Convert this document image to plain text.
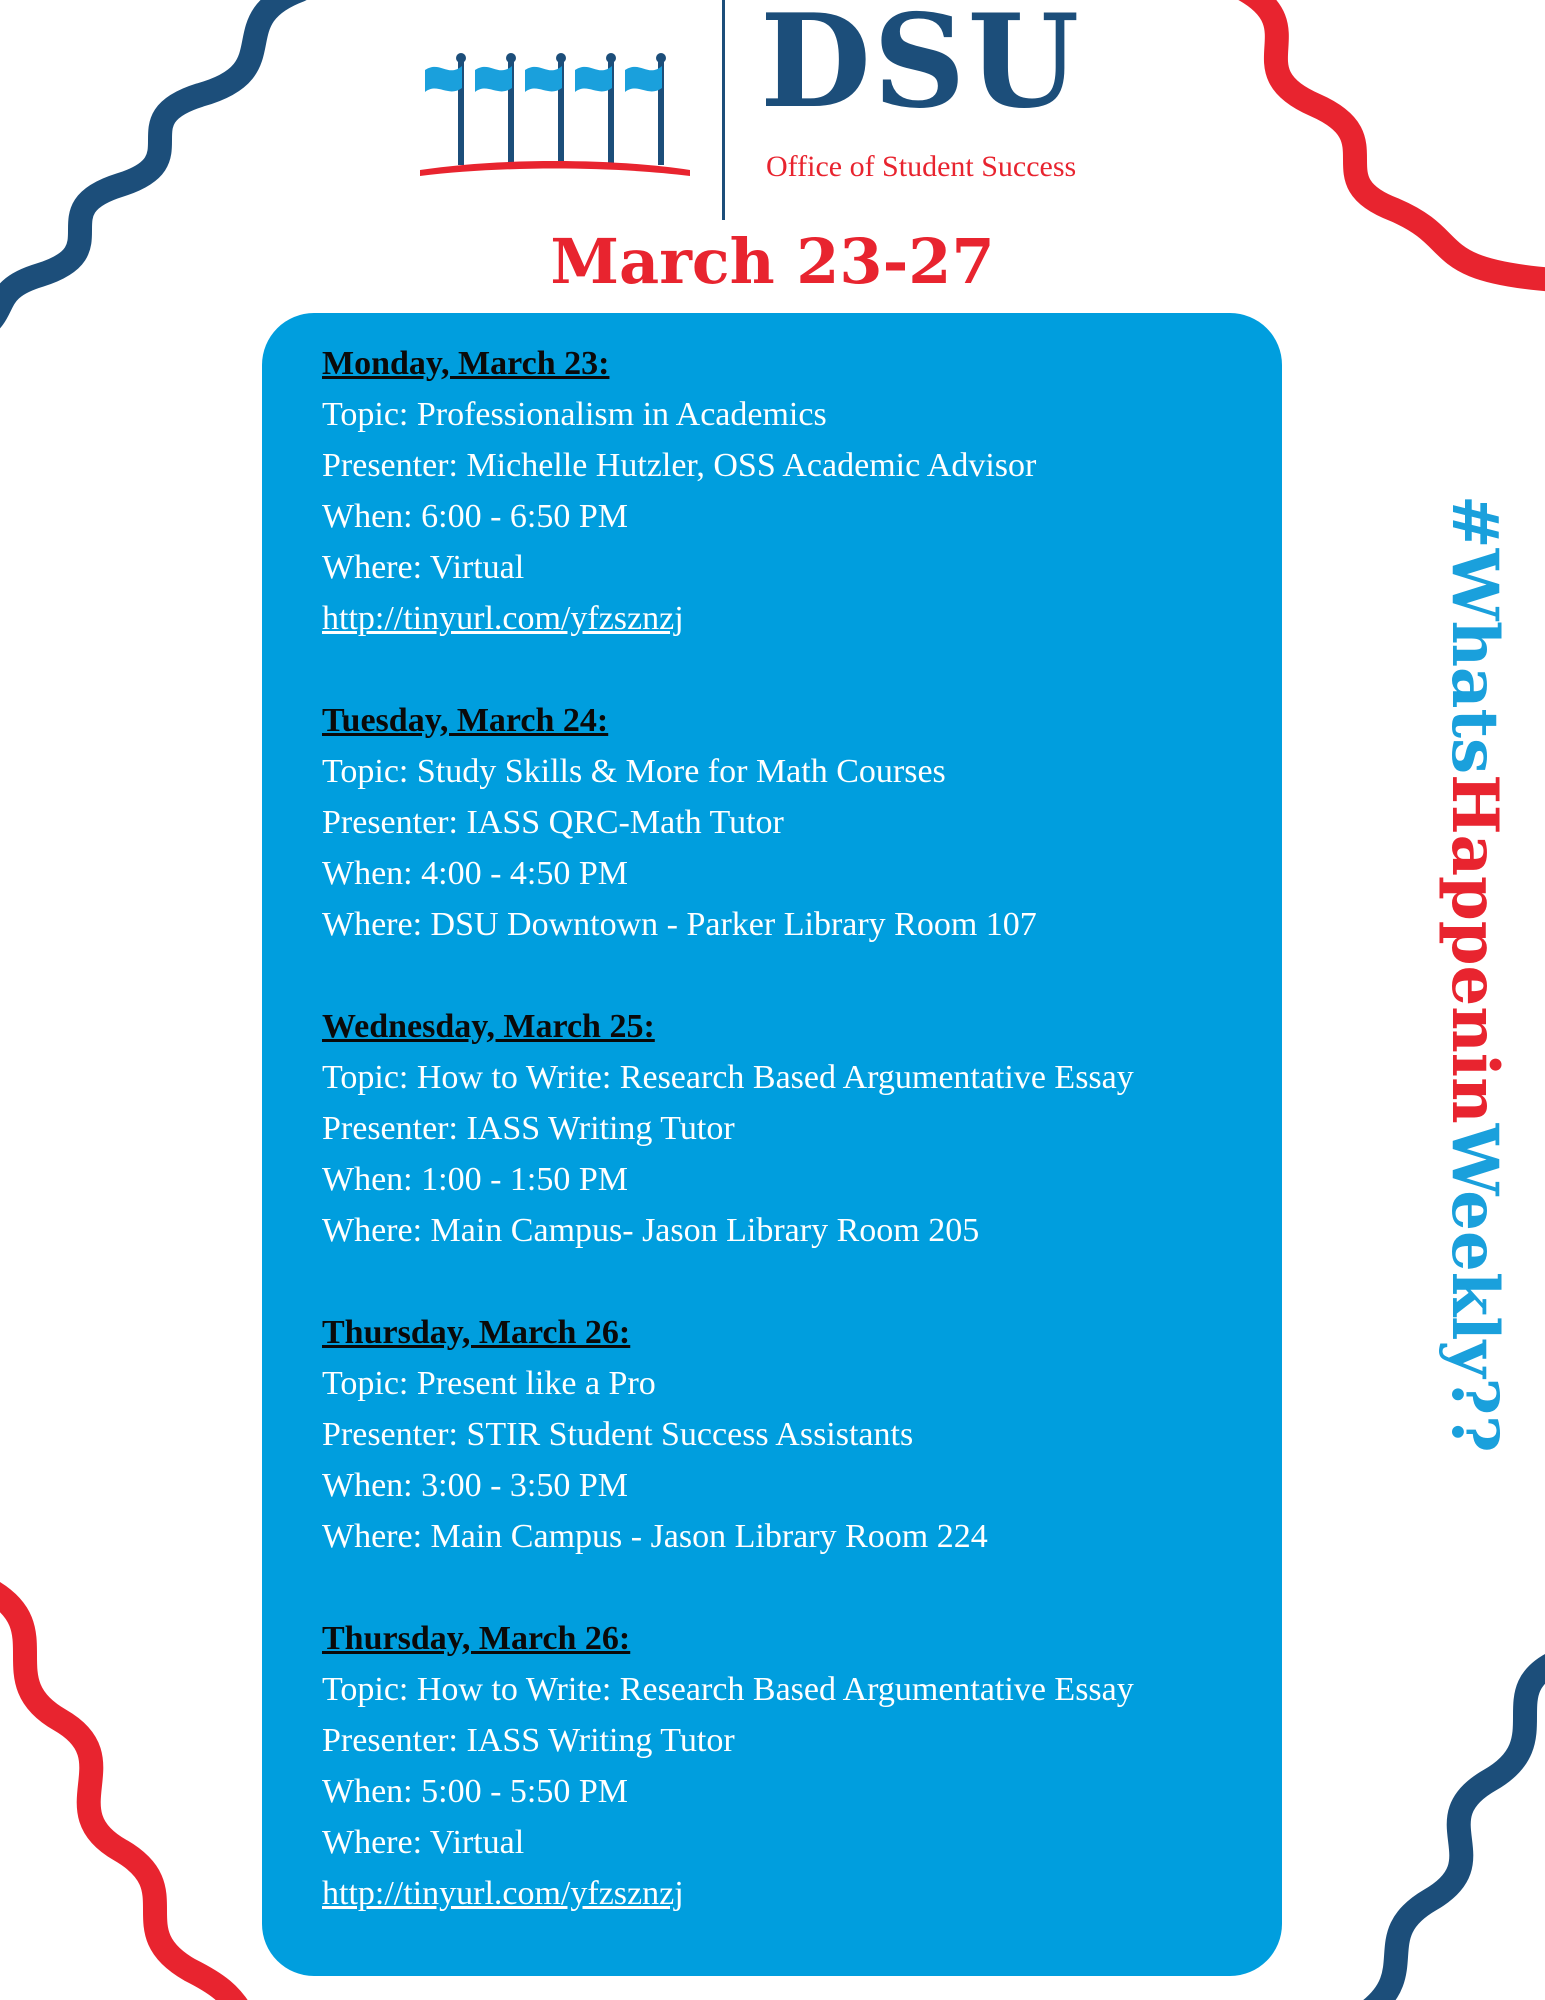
DSU
Office of Student Success
March 23-27

Monday, March 23:

Topic: Professionalism in Academics

Presenter: Michelle Hutzler, OSS Academic Advisor

When: 6:00 - 6:50 PM

Where: Virtual

http://tinyurl.com/yfzsznzj

Tuesday, March 24:

Topic: Study Skills & More for Math Courses

Presenter: IASS QRC-Math Tutor

When: 4:00 - 4:50 PM

Where: DSU Downtown - Parker Library Room 107

Wednesday, March 25:

Topic: How to Write: Research Based Argumentative Essay

Presenter: IASS Writing Tutor

When: 1:00 - 1:50 PM

Where: Main Campus- Jason Library Room 205

Thursday, March 26:

Topic: Present like a Pro

Presenter: STIR Student Success Assistants

When: 3:00 - 3:50 PM

Where: Main Campus - Jason Library Room 224

Thursday, March 26:

Topic: How to Write: Research Based Argumentative Essay

Presenter: IASS Writing Tutor

When: 5:00 - 5:50 PM

Where: Virtual

http://tinyurl.com/yfzsznzj
#WhatsHappeninWeekly??
